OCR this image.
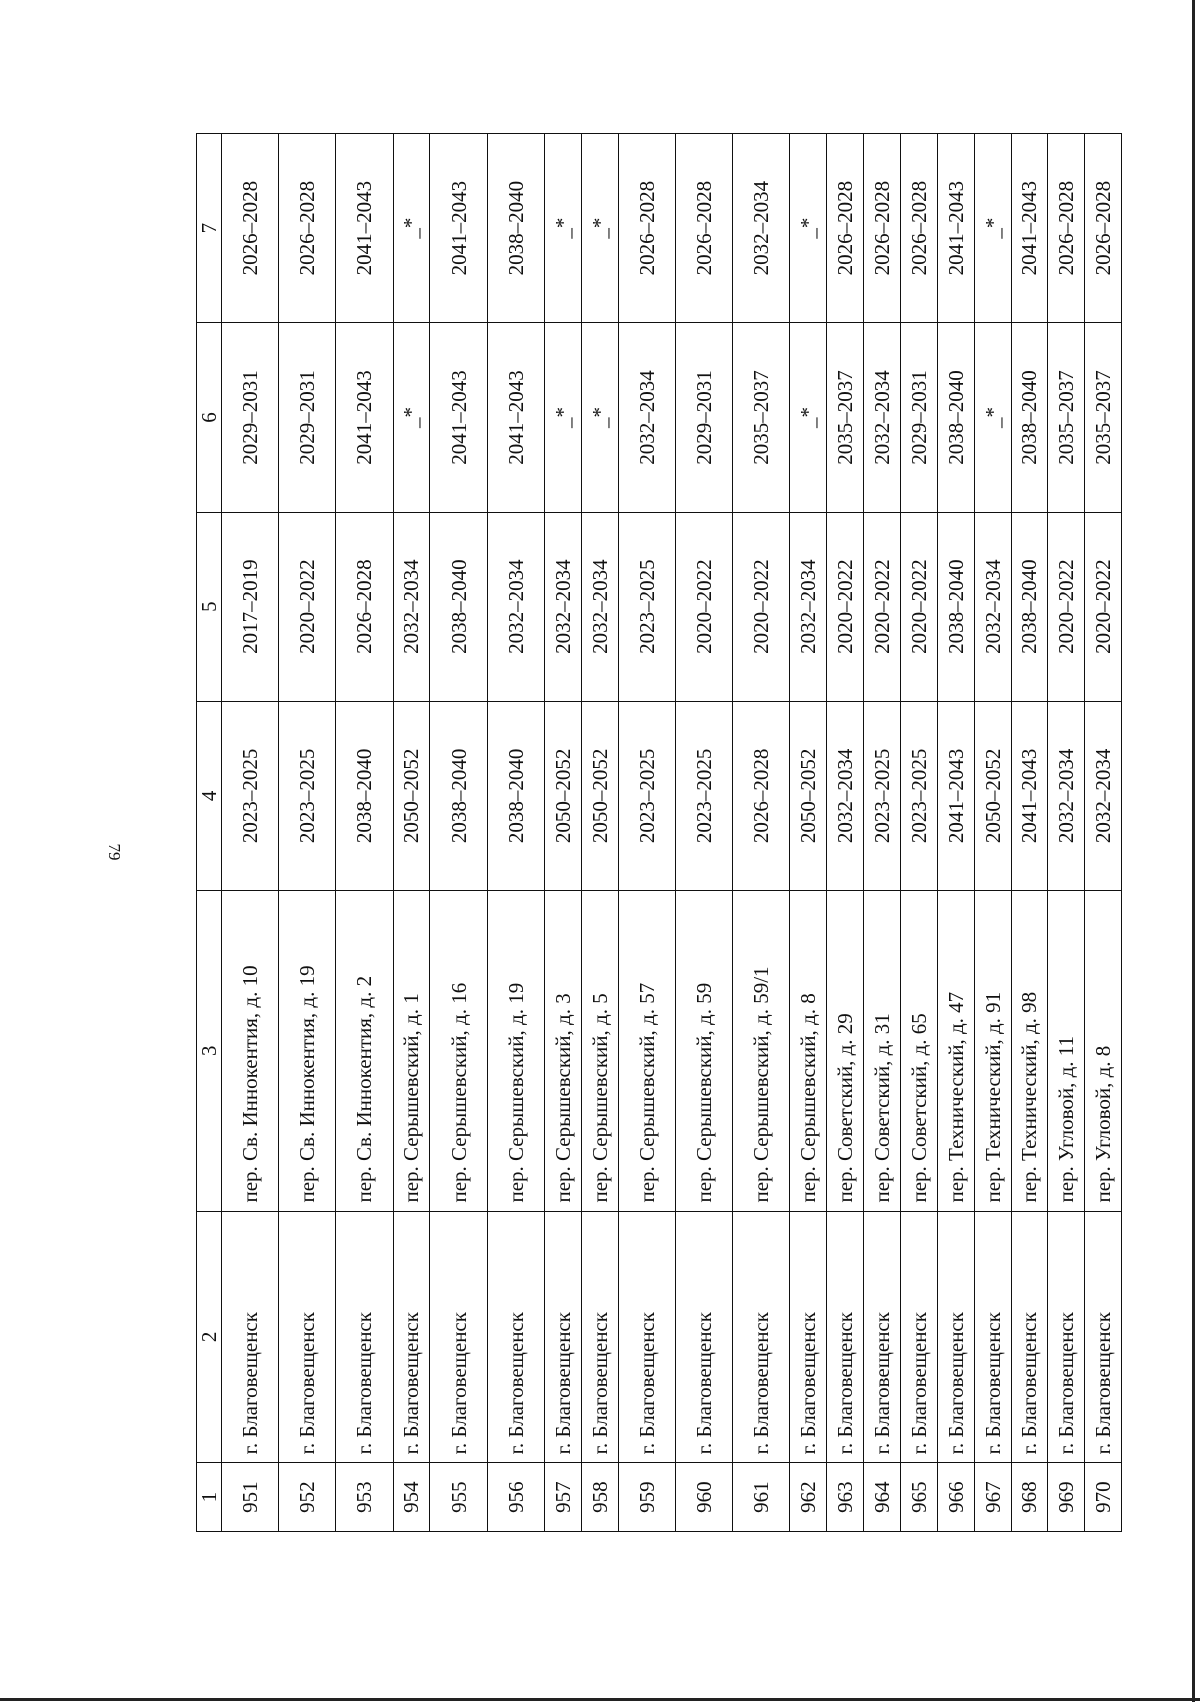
79
1	2	3	4	5	6	7
951	г. Благовещенск	пер. Св. Иннокентия, д. 10	2023–2025	2017–2019	2029–2031	2026–2028
952	г. Благовещенск	пер. Св. Иннокентия, д. 19	2023–2025	2020–2022	2029–2031	2026–2028
953	г. Благовещенск	пер. Св. Иннокентия, д. 2	2038–2040	2026–2028	2041–2043	2041–2043
954	г. Благовещенск	пер. Серышевский, д. 1	2050–2052	2032–2034	_*	_*
955	г. Благовещенск	пер. Серышевский, д. 16	2038–2040	2038–2040	2041–2043	2041–2043
956	г. Благовещенск	пер. Серышевский, д. 19	2038–2040	2032–2034	2041–2043	2038–2040
957	г. Благовещенск	пер. Серышевский, д. 3	2050–2052	2032–2034	_*	_*
958	г. Благовещенск	пер. Серышевский, д. 5	2050–2052	2032–2034	_*	_*
959	г. Благовещенск	пер. Серышевский, д. 57	2023–2025	2023–2025	2032–2034	2026–2028
960	г. Благовещенск	пер. Серышевский, д. 59	2023–2025	2020–2022	2029–2031	2026–2028
961	г. Благовещенск	пер. Серышевский, д. 59/1	2026–2028	2020–2022	2035–2037	2032–2034
962	г. Благовещенск	пер. Серышевский, д. 8	2050–2052	2032–2034	_*	_*
963	г. Благовещенск	пер. Советский, д. 29	2032–2034	2020–2022	2035–2037	2026–2028
964	г. Благовещенск	пер. Советский, д. 31	2023–2025	2020–2022	2032–2034	2026–2028
965	г. Благовещенск	пер. Советский, д. 65	2023–2025	2020–2022	2029–2031	2026–2028
966	г. Благовещенск	пер. Технический, д. 47	2041–2043	2038–2040	2038–2040	2041–2043
967	г. Благовещенск	пер. Технический, д. 91	2050–2052	2032–2034	_*	_*
968	г. Благовещенск	пер. Технический, д. 98	2041–2043	2038–2040	2038–2040	2041–2043
969	г. Благовещенск	пер. Угловой, д. 11	2032–2034	2020–2022	2035–2037	2026–2028
970	г. Благовещенск	пер. Угловой, д. 8	2032–2034	2020–2022	2035–2037	2026–2028
